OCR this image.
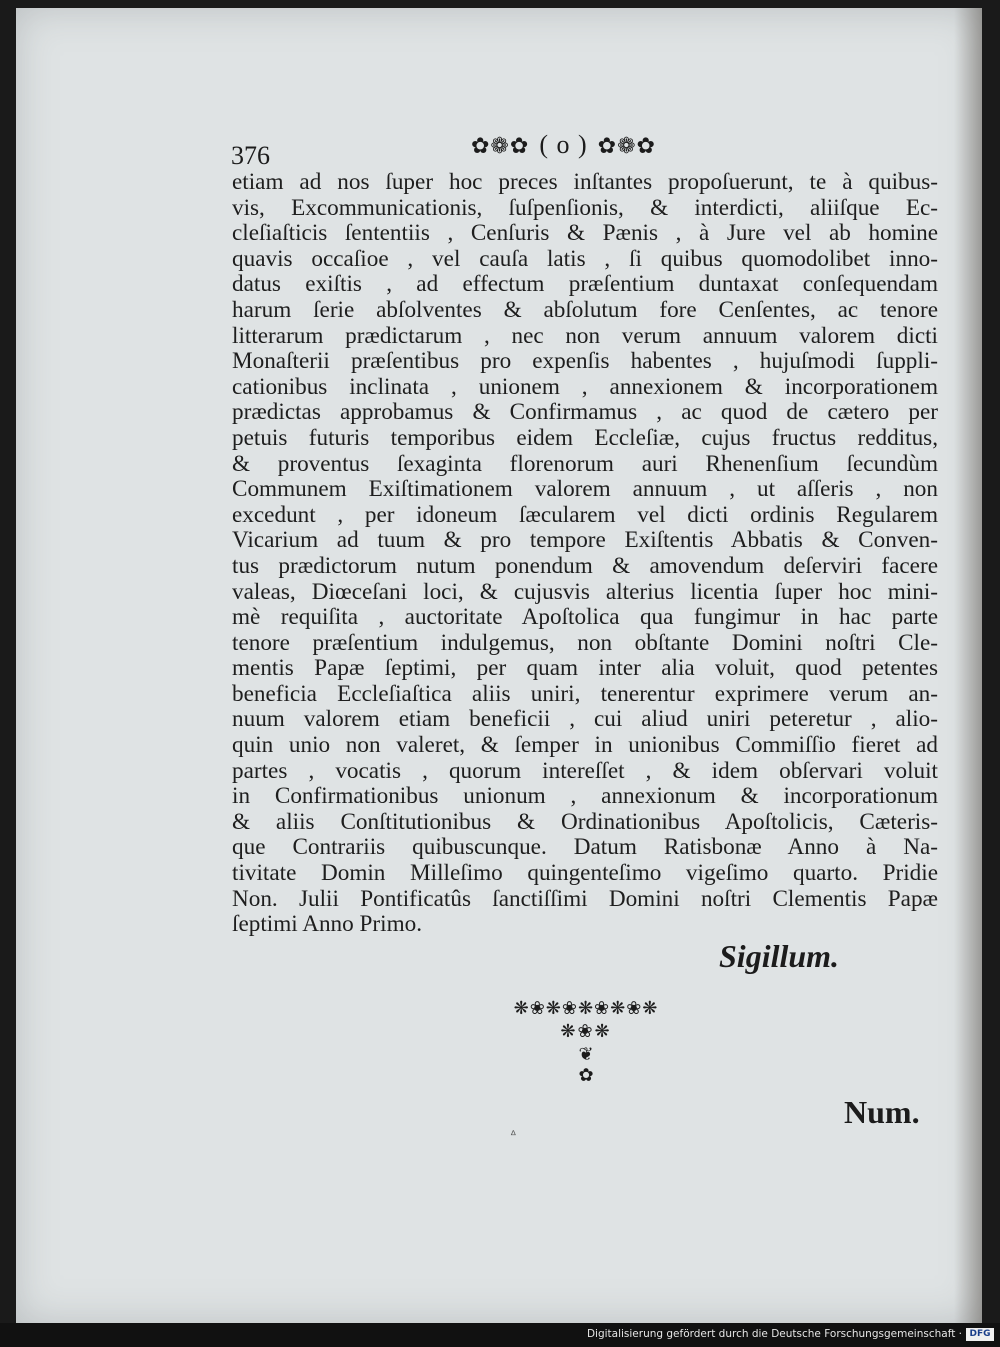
376	✿❁✿ ( o ) ✿❁✿
etiam ad nos ſuper hoc preces inſtantes propoſuerunt, te à quibus-
vis, Excommunicationis, ſuſpenſionis, & interdicti, aliiſque Ec-
cleſiaſticis ſententiis , Cenſuris & Pænis , à Jure vel ab homine
quavis occaſioe , vel cauſa latis , ſi quibus quomodolibet inno-
datus exiſtis , ad effectum præſentium duntaxat conſequendam
harum ſerie abſolventes & abſolutum fore Cenſentes, ac tenore
litterarum prædictarum , nec non verum annuum valorem dicti
Monaſterii præſentibus pro expenſis habentes , hujuſmodi ſuppli-
cationibus inclinata , unionem , annexionem & incorporationem
prædictas approbamus & Confirmamus , ac quod de cætero per
petuis futuris temporibus eidem Eccleſiæ, cujus fructus redditus,
& proventus ſexaginta florenorum auri Rhenenſium ſecundùm
Communem Exiſtimationem valorem annuum , ut aſſeris , non
excedunt , per idoneum ſæcularem vel dicti ordinis Regularem
Vicarium ad tuum & pro tempore Exiſtentis Abbatis & Conven-
tus prædictorum nutum ponendum & amovendum deſerviri facere
valeas, Diœceſani loci, & cujusvis alterius licentia ſuper hoc mini-
mè requiſita , auctoritate Apoſtolica qua fungimur in hac parte
tenore præſentium indulgemus, non obſtante Domini noſtri Cle-
mentis Papæ ſeptimi, per quam inter alia voluit, quod petentes
beneficia Eccleſiaſtica aliis uniri, tenerentur exprimere verum an-
nuum valorem etiam beneficii , cui aliud uniri peteretur , alio-
quin unio non valeret, & ſemper in unionibus Commiſſio fieret ad
partes , vocatis , quorum intereſſet , & idem obſervari voluit
in Confirmationibus unionum , annexionum & incorporationum
& aliis Conſtitutionibus & Ordinationibus Apoſtolicis, Cæteris-
que Contrariis quibuscunque. Datum Ratisbonæ Anno à Na-
tivitate Domin Milleſimo quingenteſimo vigeſimo quarto. Pridie
Non. Julii Pontificatûs ſanctiſſimi Domini noſtri Clementis Papæ
ſeptimi Anno Primo.
Sigillum.
❋❀❋❀❋❀❋❀❋
❋❀❋
❦
✿
Num.
ᐞ
Digitalisierung gefördert durch die Deutsche Forschungsgemeinschaft · DFG
